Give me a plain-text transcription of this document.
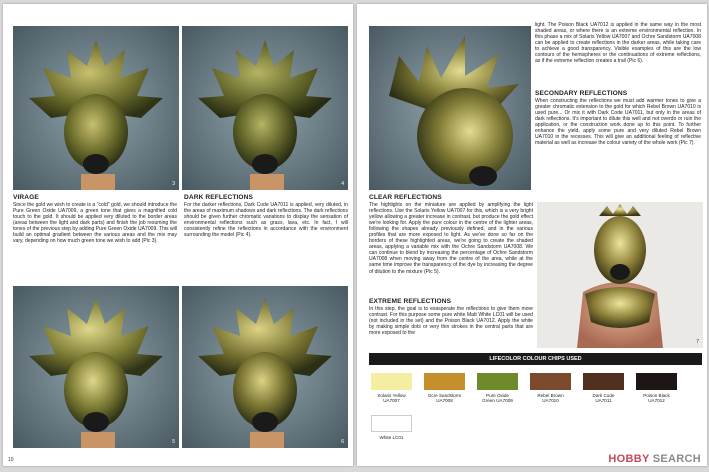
3	4
VIRAGE

Since the gold we wish to create is a "cold" gold, we should introduce the Pure Green Oxide UA7009, a green tone that gives a magnified cold touch to the gold. It should be applied very diluted to the border areas (areas between the light and dark parts) and finish the job resuming the tones of the previous step by adding Pure Green Oxide UA7009. This will build an optimal gradient between the various areas and the mix may vary, depending on how much green tone we wish to add (Pic 3).

DARK REFLECTIONS

For the darker reflections, Dark Code UA7011 is applied, very diluted, in the areas of maximum shadows and dark reflections. The dark reflections should be given further chromatic variations to display the sensation of environmental reflections such as grass, lava, etc. In fact, I will consistently refine the reflections in accordance with the environment surrounding the model (Pic 4).

5	6
10

light. The Poison Black UA7012 is applied in the same way in the most shaded areas, or where there is an extreme environmental reflection. In this phase a mix of Solaris Yellow UA7007 and Ochre Sandstorm UA7008 can be applied to create reflections in the darker areas, while taking care to achieve a good transparency. Visible examples of this are the low contours of the hemispheres or the continuations of extreme reflections, as if the extreme reflection creates a trail (Pic 6).

SECONDARY REFLECTIONS

When constructing the reflections we must add warmer tones to give a greater chromatic extension to the gold for which Rebel Brown UA7010 is used pure... Or mix it with Dark Code UA7011, but only in the areas of dark reflections. It's important to dilute this well and not overdo or ruin the application, or the construction work done up to this point. To further enhance the yield, apply some pure and very diluted Rebel Brown UA7010 in the recesses. This will give an additional feeling of reflective material as well as increase the colour variety of the whole work (Pic 7).

CLEAR REFLECTIONS

The highlights on the miniature are applied by amplifying the light reflections. Use the Solaris Yellow UA7007 for this, which is a very bright yellow allowing a greater increase in contrast, but produce the gold effect we're looking for. Apply the pure colour in the centre of the lighter areas, following the shapes already previously defined, and in the various profiles that are more exposed to light. As we've done so far on the borders of these highlighted areas, we're going to create the shaded areas, applying a variable mix with the Ochre Sandstorm UA7008. We can continue to blend by increasing the percentage of Ochre Sandstorm UA7008 when moving away from the centre of the area, while at the same time improve the transparency of the dye by increasing the degree of dilution to the mixture (Pic 5).

EXTREME REFLECTIONS

In this step, the goal is to exasperate the reflections to give them more contrast. For this purpose some pure white Matt White LC01 will be used (not included in the set) and the Poison Black UA7012. Apply the white by making simple dots or very thin strokes in the central parts that are more exposed to the

7
LIFECOLOR COLOUR CHIPS USED
Solaris Yellow
UA7007
Ocre Sandstorm
UA7008
Pure Oxide
Green UA7009
Rebel Brown
UA7010
Dark Code
UA7011
Poison Black
UA7012
White LC01
HOBBY SEARCH
